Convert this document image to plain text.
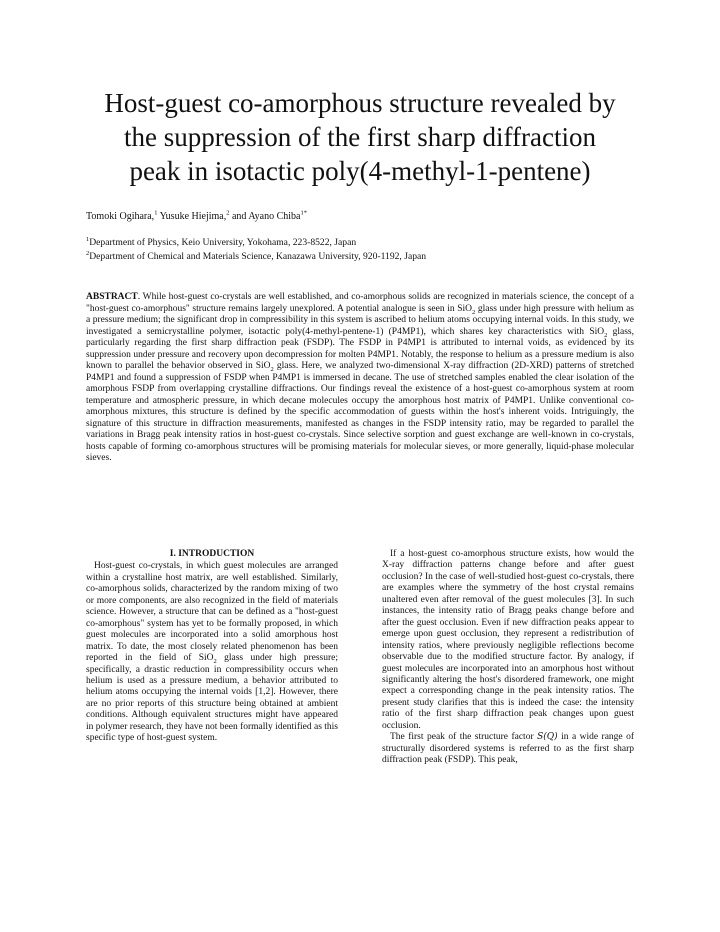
Host-guest co-amorphous structure revealed by
the suppression of the first sharp diffraction
peak in isotactic poly(4-methyl-1-pentene)
Tomoki Ogihara,$^1$ Yusuke Hiejima,$^2$ and Ayano Chiba$^{1*}$
$^1$Department of Physics, Keio University, Yokohama, 223-8522, Japan
$^2$Department of Chemical and Materials Science, Kanazawa University, 920-1192, Japan

ABSTRACT. While host-guest co-crystals are well established, and co-amorphous solids are recognized in materials science, the concept of a "host-guest co-amorphous" structure remains largely unexplored. A potential analogue is seen in SiO$_2$ glass under high pressure with helium as a pressure medium; the significant drop in compressibility in this system is ascribed to helium atoms occupying internal voids. In this study, we investigated a semicrystalline polymer, isotactic poly(4-methyl-pentene-1) (P4MP1), which shares key characteristics with SiO$_2$ glass, particularly regarding the first sharp diffraction peak (FSDP). The FSDP in P4MP1 is attributed to internal voids, as evidenced by its suppression under pressure and recovery upon decompression for molten P4MP1. Notably, the response to helium as a pressure medium is also known to parallel the behavior observed in SiO$_2$ glass. Here, we analyzed two-dimensional X-ray diffraction (2D-XRD) patterns of stretched P4MP1 and found a suppression of FSDP when P4MP1 is immersed in decane. The use of stretched samples enabled the clear isolation of the amorphous FSDP from overlapping crystalline diffractions. Our findings reveal the existence of a host-guest co-amorphous system at room temperature and atmospheric pressure, in which decane molecules occupy the amorphous host matrix of P4MP1. Unlike conventional co-amorphous mixtures, this structure is defined by the specific accommodation of guests within the host's inherent voids. Intriguingly, the signature of this structure in diffraction measurements, manifested as changes in the FSDP intensity ratio, may be regarded to parallel the variations in Bragg peak intensity ratios in host-guest co-crystals. Since selective sorption and guest exchange are well-known in co-crystals, hosts capable of forming co-amorphous structures will be promising materials for molecular sieves, or more generally, liquid-phase molecular sieves.

I. INTRODUCTION

Host-guest co-crystals, in which guest molecules are arranged within a crystalline host matrix, are well established. Similarly, co-amorphous solids, characterized by the random mixing of two or more components, are also recognized in the field of materials science. However, a structure that can be defined as a "host-guest co-amorphous" system has yet to be formally proposed, in which guest molecules are incorporated into a solid amorphous host matrix. To date, the most closely related phenomenon has been reported in the field of SiO$_2$ glass under high pressure; specifically, a drastic reduction in compressibility occurs when helium is used as a pressure medium, a behavior attributed to helium atoms occupying the internal voids [1,2]. However, there are no prior reports of this structure being obtained at ambient conditions. Although equivalent structures might have appeared in polymer research, they have not been formally identified as this specific type of host-guest system.

If a host-guest co-amorphous structure exists, how would the X-ray diffraction patterns change before and after guest occlusion? In the case of well-studied host-guest co-crystals, there are examples where the symmetry of the host crystal remains unaltered even after removal of the guest molecules [3]. In such instances, the intensity ratio of Bragg peaks change before and after the guest occlusion. Even if new diffraction peaks appear to emerge upon guest occlusion, they represent a redistribution of intensity ratios, where previously negligible reflections become observable due to the modified structure factor. By analogy, if guest molecules are incorporated into an amorphous host without significantly altering the host's disordered framework, one might expect a corresponding change in the peak intensity ratios. The present study clarifies that this is indeed the case: the intensity ratio of the first sharp diffraction peak changes upon guest occlusion.

The first peak of the structure factor S(Q) in a wide range of structurally disordered systems is referred to as the first sharp diffraction peak (FSDP). This peak,
